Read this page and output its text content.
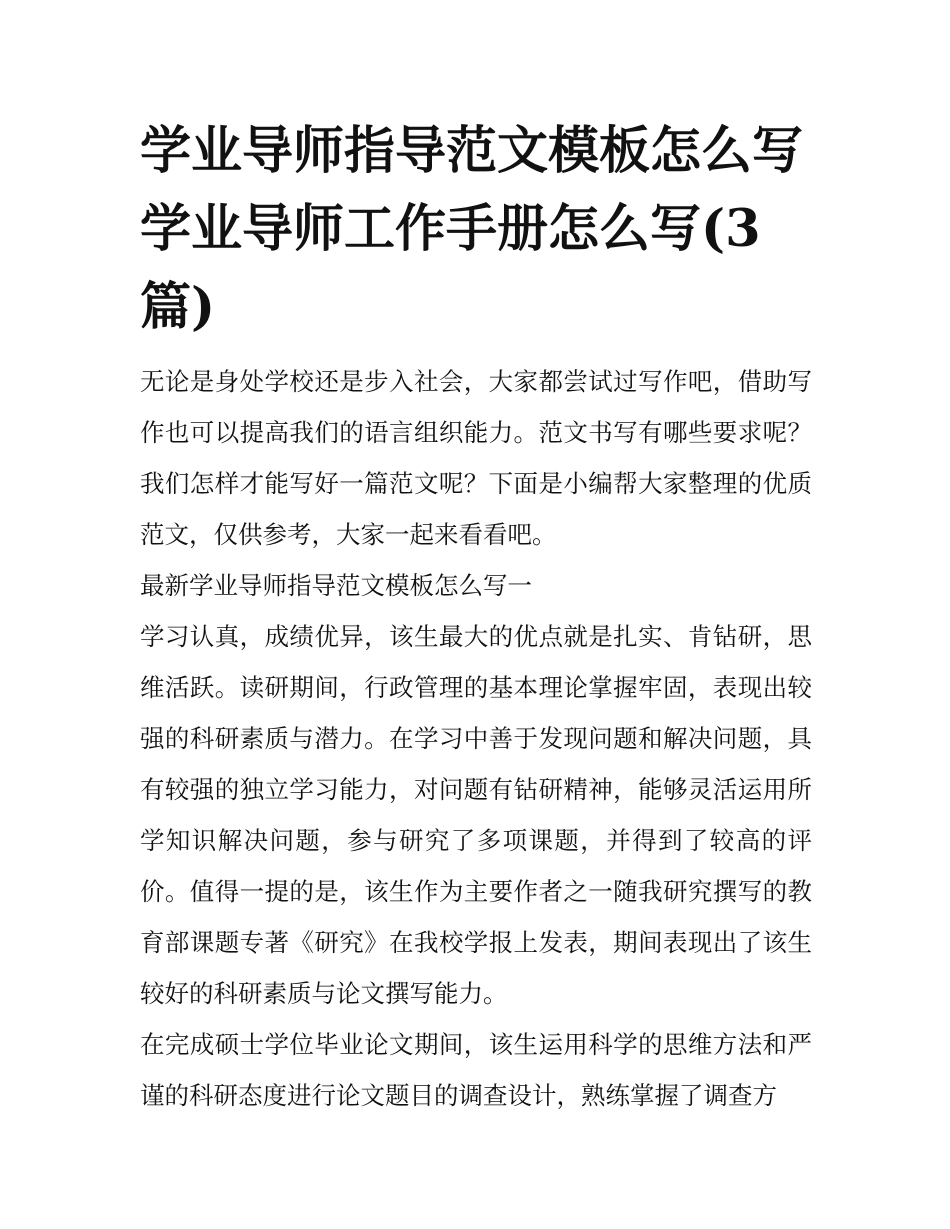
学业导师指导范文模板怎么写 学业导师工作手册怎么写(3篇)

无论是身处学校还是步入社会，大家都尝试过写作吧，借助写作也可以提高我们的语言组织能力。范文书写有哪些要求呢？我们怎样才能写好一篇范文呢？下面是小编帮大家整理的优质范文，仅供参考，大家一起来看看吧。

最新学业导师指导范文模板怎么写一

学习认真，成绩优异，该生最大的优点就是扎实、肯钻研，思维活跃。读研期间，行政管理的基本理论掌握牢固，表现出较强的科研素质与潜力。在学习中善于发现问题和解决问题，具有较强的独立学习能力，对问题有钻研精神，能够灵活运用所学知识解决问题，参与研究了多项课题，并得到了较高的评价。值得一提的是，该生作为主要作者之一随我研究撰写的教育部课题专著《研究》在我校学报上发表，期间表现出了该生较好的科研素质与论文撰写能力。

在完成硕士学位毕业论文期间，该生运用科学的思维方法和严谨的科研态度进行论文题目的调查设计，熟练掌握了调查方
